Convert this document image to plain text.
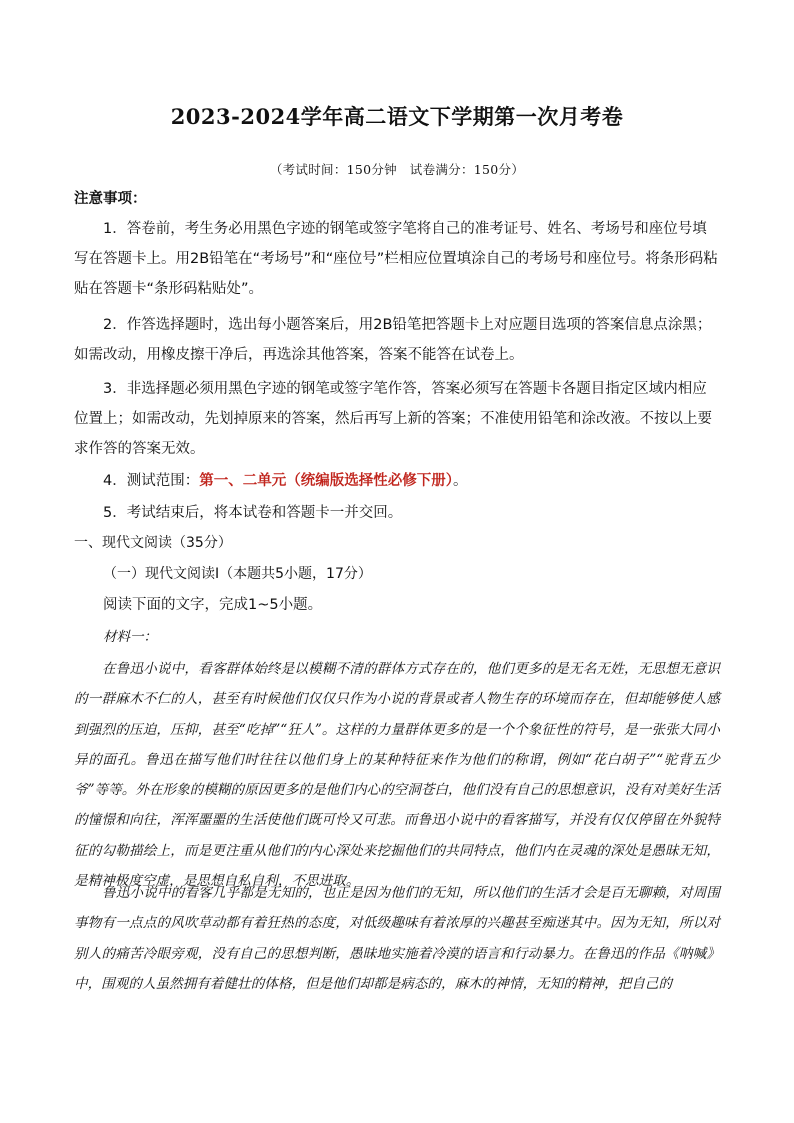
2023-2024学年高二语文下学期第一次月考卷
（考试时间：150分钟　试卷满分：150分）
注意事项：

1．答卷前，考生务必用黑色字迹的钢笔或签字笔将自己的准考证号、姓名、考场号和座位号填写在答题卡上。用2B铅笔在“考场号”和“座位号”栏相应位置填涂自己的考场号和座位号。将条形码粘贴在答题卡“条形码粘贴处”。

2．作答选择题时，选出每小题答案后，用2B铅笔把答题卡上对应题目选项的答案信息点涂黑；如需改动，用橡皮擦干净后，再选涂其他答案，答案不能答在试卷上。

3．非选择题必须用黑色字迹的钢笔或签字笔作答，答案必须写在答题卡各题目指定区域内相应位置上；如需改动，先划掉原来的答案，然后再写上新的答案；不准使用铅笔和涂改液。不按以上要求作答的答案无效。

4．测试范围：第一、二单元（统编版选择性必修下册）。

5．考试结束后，将本试卷和答题卡一并交回。

一、现代文阅读（35分）
（一）现代文阅读Ⅰ（本题共5小题，17分）
阅读下面的文字，完成1~5小题。
材料一：

在鲁迅小说中，看客群体始终是以模糊不清的群体方式存在的，他们更多的是无名无姓，无思想无意识的一群麻木不仁的人，甚至有时候他们仅仅只作为小说的背景或者人物生存的环境而存在，但却能够使人感到强烈的压迫，压抑，甚至“吃掉”“狂人”。这样的力量群体更多的是一个个象征性的符号，是一张张大同小异的面孔。鲁迅在描写他们时往往以他们身上的某种特征来作为他们的称谓，例如“花白胡子”“驼背五少爷”等等。外在形象的模糊的原因更多的是他们内心的空洞苍白，他们没有自己的思想意识，没有对美好生活的憧憬和向往，浑浑噩噩的生活使他们既可怜又可悲。而鲁迅小说中的看客描写，并没有仅仅停留在外貌特征的勾勒描绘上，而是更注重从他们的内心深处来挖掘他们的共同特点，他们内在灵魂的深处是愚昧无知，是精神极度空虚，是思想自私自利，不思进取。

鲁迅小说中的看客几乎都是无知的，也正是因为他们的无知，所以他们的生活才会是百无聊赖，对周围事物有一点点的风吹草动都有着狂热的态度，对低级趣味有着浓厚的兴趣甚至痴迷其中。因为无知，所以对别人的痛苦冷眼旁观，没有自己的思想判断，愚昧地实施着冷漠的语言和行动暴力。在鲁迅的作品《呐喊》中，围观的人虽然拥有着健壮的体格，但是他们却都是病态的，麻木的神情，无知的精神，把自己的
